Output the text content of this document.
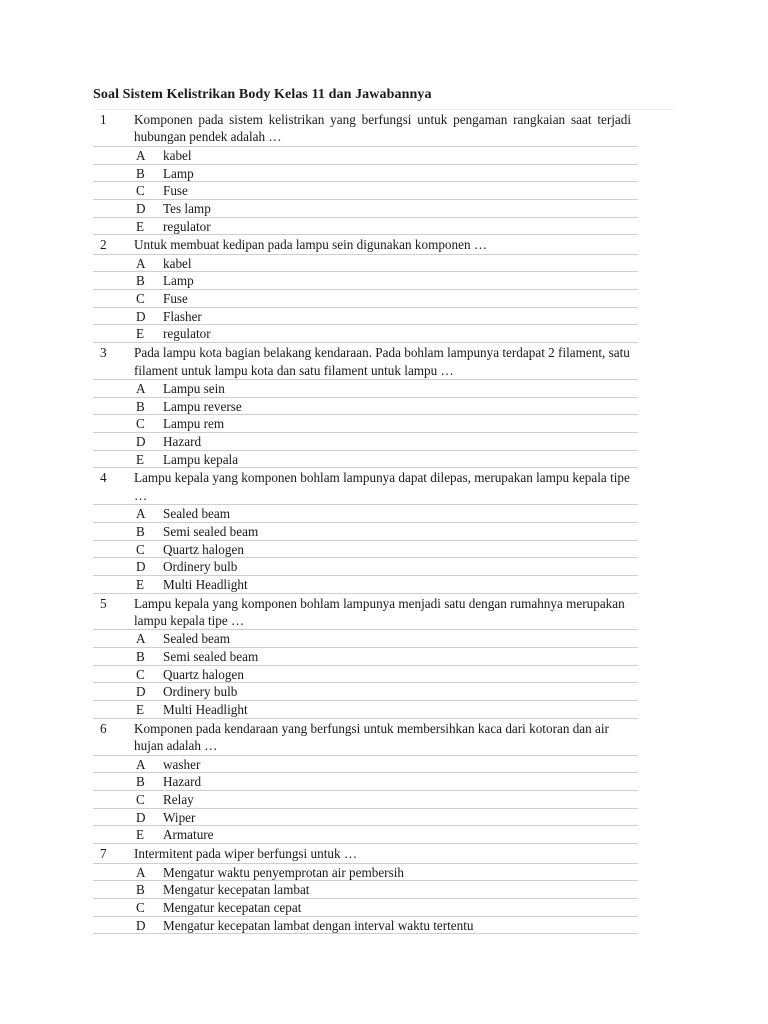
Soal Sistem Kelistrikan Body Kelas 11 dan Jawabannya
1	Komponen pada sistem kelistrikan yang berfungsi untuk pengaman rangkaian saat terjadi hubungan pendek adalah …
A	kabel
B	Lamp
C	Fuse
D	Tes lamp
E	regulator
2	Untuk membuat kedipan pada lampu sein digunakan komponen …
A	kabel
B	Lamp
C	Fuse
D	Flasher
E	regulator
3	Pada lampu kota bagian belakang kendaraan. Pada bohlam lampunya terdapat 2 filament, satu filament untuk lampu kota dan satu filament untuk lampu …
A	Lampu sein
B	Lampu reverse
C	Lampu rem
D	Hazard
E	Lampu kepala
4	Lampu kepala yang komponen bohlam lampunya dapat dilepas, merupakan lampu kepala tipe …
A	Sealed beam
B	Semi sealed beam
C	Quartz halogen
D	Ordinery bulb
E	Multi Headlight
5	Lampu kepala yang komponen bohlam lampunya menjadi satu dengan rumahnya merupakan lampu kepala tipe …
A	Sealed beam
B	Semi sealed beam
C	Quartz halogen
D	Ordinery bulb
E	Multi Headlight
6	Komponen pada kendaraan yang berfungsi untuk membersihkan kaca dari kotoran dan air hujan adalah …
A	washer
B	Hazard
C	Relay
D	Wiper
E	Armature
7	Intermitent pada wiper berfungsi untuk …
A	Mengatur waktu penyemprotan air pembersih
B	Mengatur kecepatan lambat
C	Mengatur kecepatan cepat
D	Mengatur kecepatan lambat dengan interval waktu tertentu
